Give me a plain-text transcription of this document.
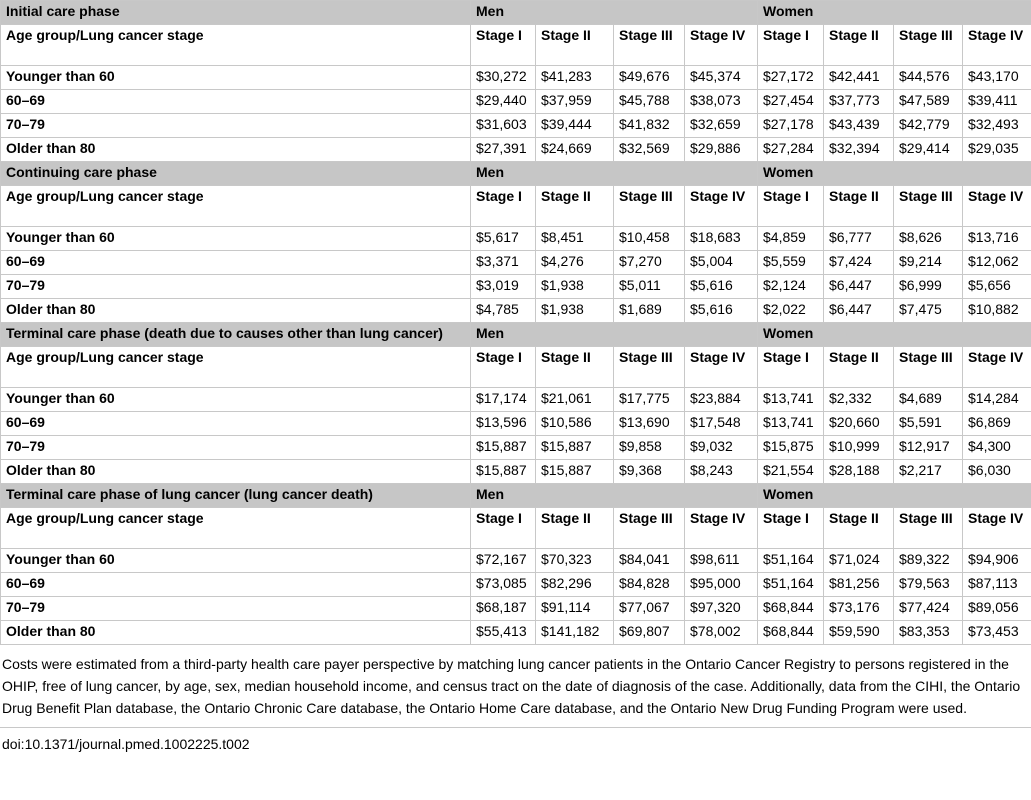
Initial care phase	Men				Women			
Age group/Lung cancer stage	Stage I	Stage II	Stage III	Stage IV	Stage I	Stage II	Stage III	Stage IV
Younger than 60	$30,272	$41,283	$49,676	$45,374	$27,172	$42,441	$44,576	$43,170
60–69	$29,440	$37,959	$45,788	$38,073	$27,454	$37,773	$47,589	$39,411
70–79	$31,603	$39,444	$41,832	$32,659	$27,178	$43,439	$42,779	$32,493
Older than 80	$27,391	$24,669	$32,569	$29,886	$27,284	$32,394	$29,414	$29,035
Continuing care phase	Men				Women			
Age group/Lung cancer stage	Stage I	Stage II	Stage III	Stage IV	Stage I	Stage II	Stage III	Stage IV
Younger than 60	$5,617	$8,451	$10,458	$18,683	$4,859	$6,777	$8,626	$13,716
60–69	$3,371	$4,276	$7,270	$5,004	$5,559	$7,424	$9,214	$12,062
70–79	$3,019	$1,938	$5,011	$5,616	$2,124	$6,447	$6,999	$5,656
Older than 80	$4,785	$1,938	$1,689	$5,616	$2,022	$6,447	$7,475	$10,882
Terminal care phase (death due to causes other than lung cancer)	Men				Women			
Age group/Lung cancer stage	Stage I	Stage II	Stage III	Stage IV	Stage I	Stage II	Stage III	Stage IV
Younger than 60	$17,174	$21,061	$17,775	$23,884	$13,741	$2,332	$4,689	$14,284
60–69	$13,596	$10,586	$13,690	$17,548	$13,741	$20,660	$5,591	$6,869
70–79	$15,887	$15,887	$9,858	$9,032	$15,875	$10,999	$12,917	$4,300
Older than 80	$15,887	$15,887	$9,368	$8,243	$21,554	$28,188	$2,217	$6,030
Terminal care phase of lung cancer (lung cancer death)	Men				Women			
Age group/Lung cancer stage	Stage I	Stage II	Stage III	Stage IV	Stage I	Stage II	Stage III	Stage IV
Younger than 60	$72,167	$70,323	$84,041	$98,611	$51,164	$71,024	$89,322	$94,906
60–69	$73,085	$82,296	$84,828	$95,000	$51,164	$81,256	$79,563	$87,113
70–79	$68,187	$91,114	$77,067	$97,320	$68,844	$73,176	$77,424	$89,056
Older than 80	$55,413	$141,182	$69,807	$78,002	$68,844	$59,590	$83,353	$73,453
Costs were estimated from a third-party health care payer perspective by matching lung cancer patients in the Ontario Cancer Registry to persons registered in the OHIP, free of lung cancer, by age, sex, median household income, and census tract on the date of diagnosis of the case. Additionally, data from the CIHI, the Ontario Drug Benefit Plan database, the Ontario Chronic Care database, the Ontario Home Care database, and the Ontario New Drug Funding Program were used.
doi:10.1371/journal.pmed.1002225.t002
